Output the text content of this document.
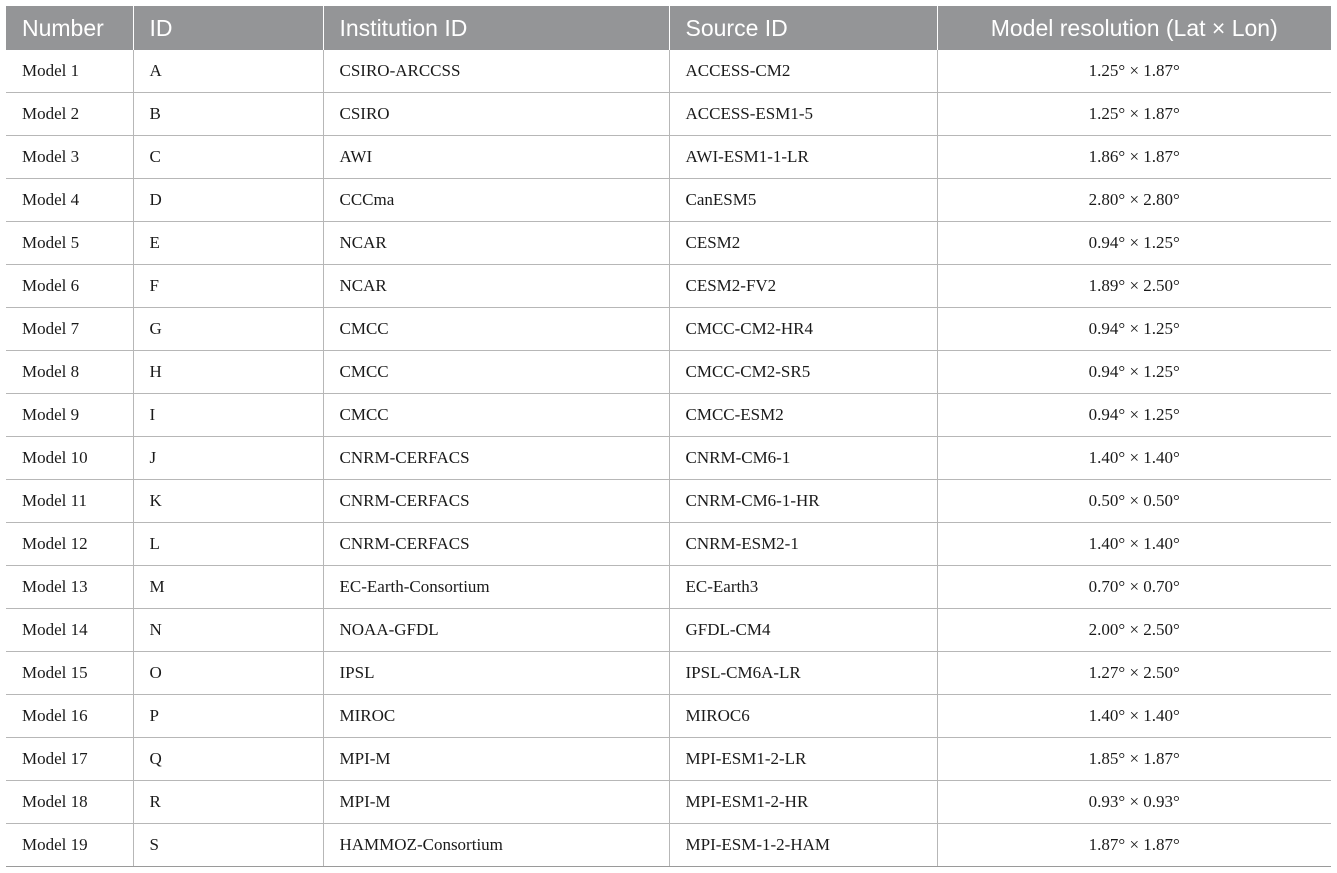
Number	ID	Institution ID	Source ID	Model resolution (Lat × Lon)
Model 1	A	CSIRO-ARCCSS	ACCESS-CM2	1.25° × 1.87°
Model 2	B	CSIRO	ACCESS-ESM1-5	1.25° × 1.87°
Model 3	C	AWI	AWI-ESM1-1-LR	1.86° × 1.87°
Model 4	D	CCCma	CanESM5	2.80° × 2.80°
Model 5	E	NCAR	CESM2	0.94° × 1.25°
Model 6	F	NCAR	CESM2-FV2	1.89° × 2.50°
Model 7	G	CMCC	CMCC-CM2-HR4	0.94° × 1.25°
Model 8	H	CMCC	CMCC-CM2-SR5	0.94° × 1.25°
Model 9	I	CMCC	CMCC-ESM2	0.94° × 1.25°
Model 10	J	CNRM-CERFACS	CNRM-CM6-1	1.40° × 1.40°
Model 11	K	CNRM-CERFACS	CNRM-CM6-1-HR	0.50° × 0.50°
Model 12	L	CNRM-CERFACS	CNRM-ESM2-1	1.40° × 1.40°
Model 13	M	EC-Earth-Consortium	EC-Earth3	0.70° × 0.70°
Model 14	N	NOAA-GFDL	GFDL-CM4	2.00° × 2.50°
Model 15	O	IPSL	IPSL-CM6A-LR	1.27° × 2.50°
Model 16	P	MIROC	MIROC6	1.40° × 1.40°
Model 17	Q	MPI-M	MPI-ESM1-2-LR	1.85° × 1.87°
Model 18	R	MPI-M	MPI-ESM1-2-HR	0.93° × 0.93°
Model 19	S	HAMMOZ-Consortium	MPI-ESM-1-2-HAM	1.87° × 1.87°
